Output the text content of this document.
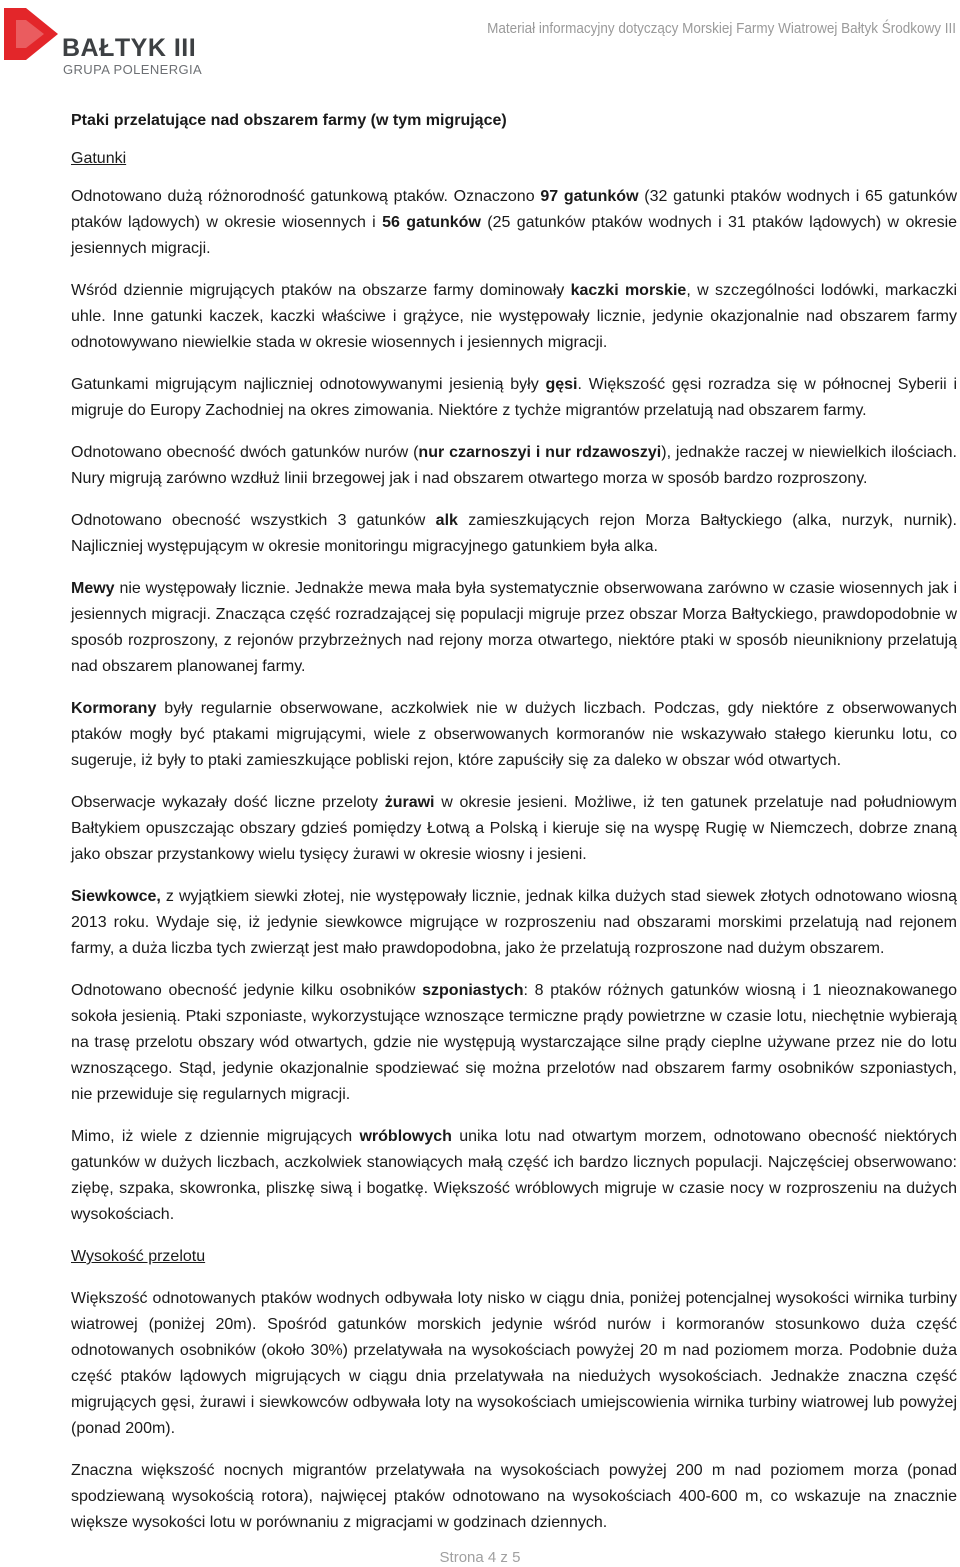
BAŁTYK III
GRUPA POLENERGIA
Materiał informacyjny dotyczący Morskiej Farmy Wiatrowej Bałtyk Środkowy III

Ptaki przelatujące nad obszarem farmy (w tym migrujące)

Gatunki

Odnotowano dużą różnorodność gatunkową ptaków. Oznaczono 97 gatunków (32 gatunki ptaków wodnych i 65 gatunków ptaków lądowych) w okresie wiosennych i 56 gatunków (25 gatunków ptaków wodnych i 31 ptaków lądowych) w okresie jesiennych migracji.

Wśród dziennie migrujących ptaków na obszarze farmy dominowały kaczki morskie, w szczególności lodówki, markaczki uhle. Inne gatunki kaczek, kaczki właściwe i grążyce, nie występowały licznie, jedynie okazjonalnie nad obszarem farmy odnotowywano niewielkie stada w okresie wiosennych i jesiennych migracji.

Gatunkami migrującym najliczniej odnotowywanymi jesienią były gęsi. Większość gęsi rozradza się w północnej Syberii i migruje do Europy Zachodniej na okres zimowania. Niektóre z tychże migrantów przelatują nad obszarem farmy.

Odnotowano obecność dwóch gatunków nurów (nur czarnoszyi i nur rdzawoszyi), jednakże raczej w niewielkich ilościach. Nury migrują zarówno wzdłuż linii brzegowej jak i nad obszarem otwartego morza w sposób bardzo rozproszony.

Odnotowano obecność wszystkich 3 gatunków alk zamieszkujących rejon Morza Bałtyckiego (alka, nurzyk, nurnik). Najliczniej występującym w okresie monitoringu migracyjnego gatunkiem była alka.

Mewy nie występowały licznie. Jednakże mewa mała była systematycznie obserwowana zarówno w czasie wiosennych jak i jesiennych migracji. Znacząca część rozradzającej się populacji migruje przez obszar Morza Bałtyckiego, prawdopodobnie w sposób rozproszony, z rejonów przybrzeżnych nad rejony morza otwartego, niektóre ptaki w sposób nieunikniony przelatują nad obszarem planowanej farmy.

Kormorany były regularnie obserwowane, aczkolwiek nie w dużych liczbach. Podczas, gdy niektóre z obserwowanych ptaków mogły być ptakami migrującymi, wiele z obserwowanych kormoranów nie wskazywało stałego kierunku lotu, co sugeruje, iż były to ptaki zamieszkujące pobliski rejon, które zapuściły się za daleko w obszar wód otwartych.

Obserwacje wykazały dość liczne przeloty żurawi w okresie jesieni. Możliwe, iż ten gatunek przelatuje nad południowym Bałtykiem opuszczając obszary gdzieś pomiędzy Łotwą a Polską i kieruje się na wyspę Rugię w Niemczech, dobrze znaną jako obszar przystankowy wielu tysięcy żurawi w okresie wiosny i jesieni.

Siewkowce, z wyjątkiem siewki złotej, nie występowały licznie, jednak kilka dużych stad siewek złotych odnotowano wiosną 2013 roku. Wydaje się, iż jedynie siewkowce migrujące w rozproszeniu nad obszarami morskimi przelatują nad rejonem farmy, a duża liczba tych zwierząt jest mało prawdopodobna, jako że przelatują rozproszone nad dużym obszarem.

Odnotowano obecność jedynie kilku osobników szponiastych: 8 ptaków różnych gatunków wiosną i 1 nieoznakowanego sokoła jesienią. Ptaki szponiaste, wykorzystujące wznoszące termiczne prądy powietrzne w czasie lotu, niechętnie wybierają na trasę przelotu obszary wód otwartych, gdzie nie występują wystarczające silne prądy cieplne używane przez nie do lotu wznoszącego. Stąd, jedynie okazjonalnie spodziewać się można przelotów nad obszarem farmy osobników szponiastych, nie przewiduje się regularnych migracji.

Mimo, iż wiele z dziennie migrujących wróblowych unika lotu nad otwartym morzem, odnotowano obecność niektórych gatunków w dużych liczbach, aczkolwiek stanowiących małą część ich bardzo licznych populacji. Najczęściej obserwowano: ziębę, szpaka, skowronka, pliszkę siwą i bogatkę. Większość wróblowych migruje w czasie nocy w rozproszeniu na dużych wysokościach.

Wysokość przelotu

Większość odnotowanych ptaków wodnych odbywała loty nisko w ciągu dnia, poniżej potencjalnej wysokości wirnika turbiny wiatrowej (poniżej 20m). Spośród gatunków morskich jedynie wśród nurów i kormoranów stosunkowo duża część odnotowanych osobników (około 30%) przelatywała na wysokościach powyżej 20 m nad poziomem morza. Podobnie duża część ptaków lądowych migrujących w ciągu dnia przelatywała na niedużych wysokościach. Jednakże znaczna część migrujących gęsi, żurawi i siewkowców odbywała loty na wysokościach umiejscowienia wirnika turbiny wiatrowej lub powyżej (ponad 200m).

Znaczna większość nocnych migrantów przelatywała na wysokościach powyżej 200 m nad poziomem morza (ponad spodziewaną wysokością rotora), najwięcej ptaków odnotowano na wysokościach 400-600 m, co wskazuje na znacznie większe wysokości lotu w porównaniu z migracjami w godzinach dziennych.

Strona 4 z 5
